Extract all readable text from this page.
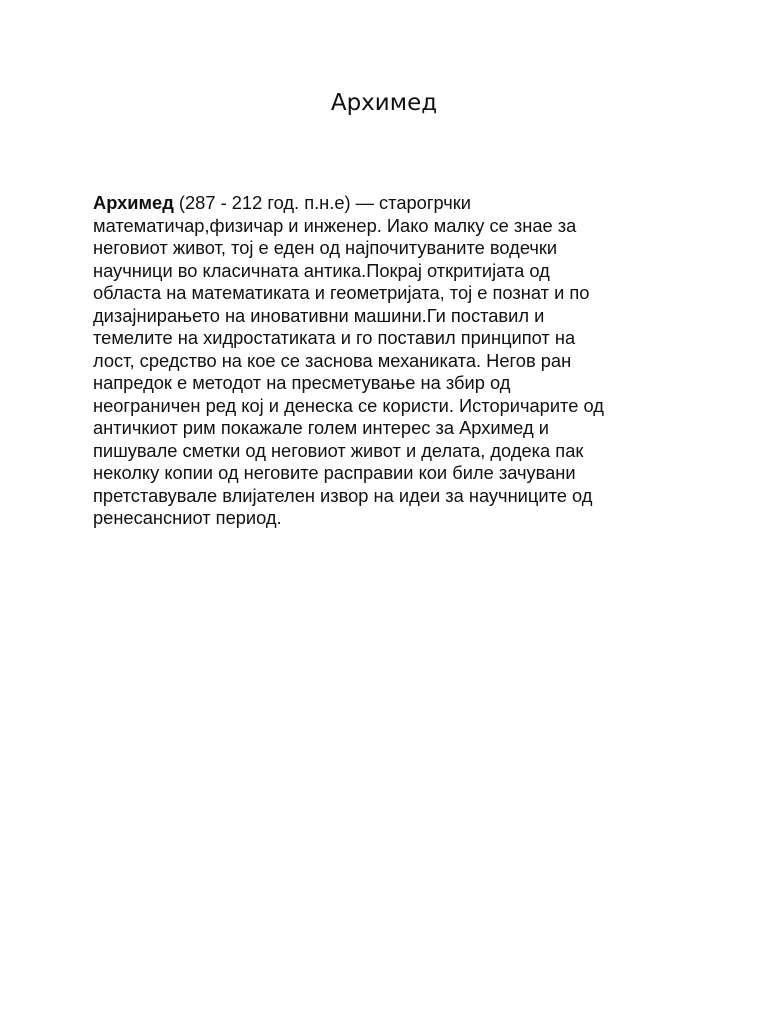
Архимед

Архимед (287 - 212 год. п.н.е) — старогрчки
математичар,физичар и инженер. Иако малку се знае за
неговиот живот, тој е еден од најпочитуваните водечки
научници во класичната антика.Покрај откритијата од
областа на математиката и геометријата, тој е познат и по
дизајнирањето на иновативни машини.Ги поставил и
темелите на хидростатиката и го поставил принципот на
лост, средство на кое се заснова механиката. Негов ран
напредок е методот на пресметување на збир од
неограничен ред кој и денеска се користи. Историчарите од
античкиот рим покажале голем интерес за Архимед и
пишувале сметки од неговиот живот и делата, додека пак
неколку копии од неговите расправии кои биле зачувани
претставувале влијателен извор на идеи за научниците од
ренесансниот период.
